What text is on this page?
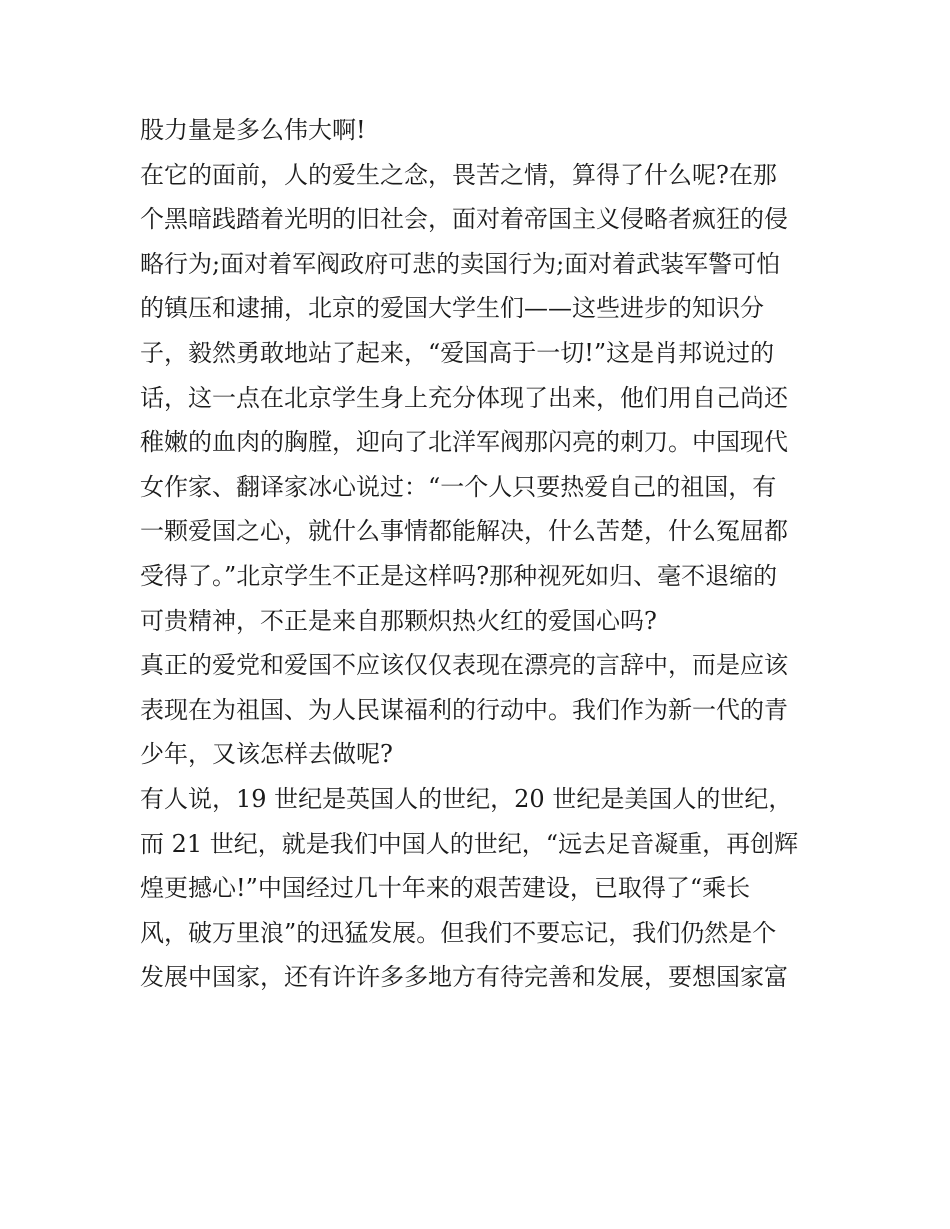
股力量是多么伟大啊!
在它的面前，人的爱生之念，畏苦之情，算得了什么呢?在那
个黑暗践踏着光明的旧社会，面对着帝国主义侵略者疯狂的侵
略行为;面对着军阀政府可悲的卖国行为;面对着武装军警可怕
的镇压和逮捕，北京的爱国大学生们——这些进步的知识分
子，毅然勇敢地站了起来，“爱国高于一切!”这是肖邦说过的
话，这一点在北京学生身上充分体现了出来，他们用自己尚还
稚嫩的血肉的胸膛，迎向了北洋军阀那闪亮的刺刀。中国现代
女作家、翻译家冰心说过：“一个人只要热爱自己的祖国，有
一颗爱国之心，就什么事情都能解决，什么苦楚，什么冤屈都
受得了。”北京学生不正是这样吗?那种视死如归、毫不退缩的
可贵精神，不正是来自那颗炽热火红的爱国心吗?
真正的爱党和爱国不应该仅仅表现在漂亮的言辞中，而是应该
表现在为祖国、为人民谋福利的行动中。我们作为新一代的青
少年，又该怎样去做呢?
有人说，19 世纪是英国人的世纪，20 世纪是美国人的世纪，
而 21 世纪，就是我们中国人的世纪，“远去足音凝重，再创辉
煌更撼心!”中国经过几十年来的艰苦建设，已取得了“乘长
风，破万里浪”的迅猛发展。但我们不要忘记，我们仍然是个
发展中国家，还有许许多多地方有待完善和发展，要想国家富
